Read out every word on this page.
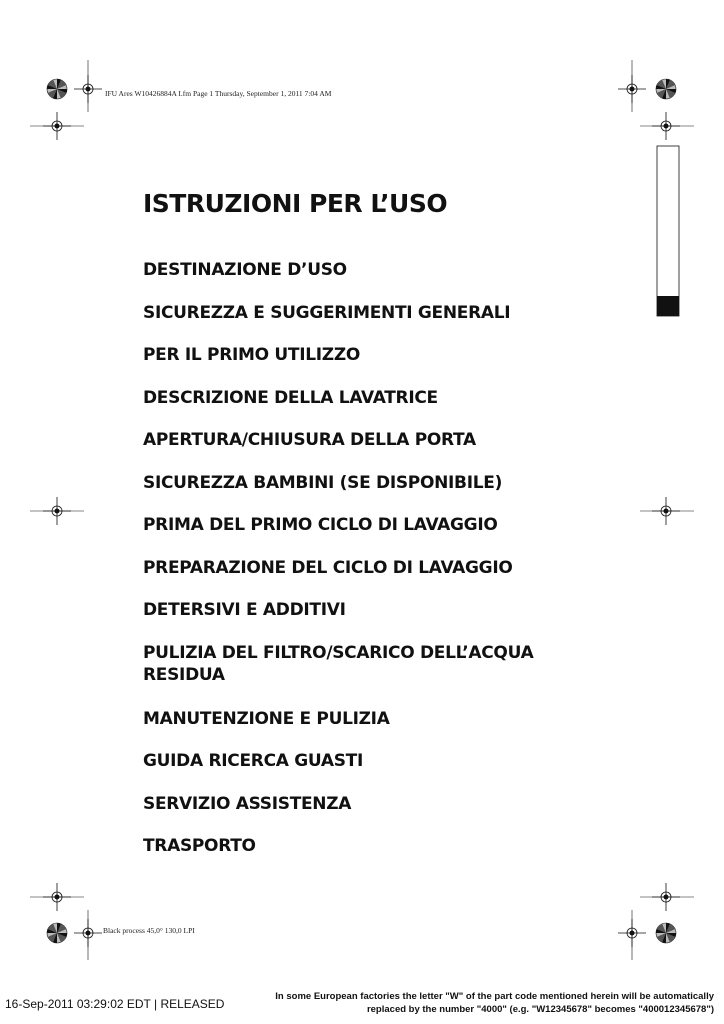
IFU Ares W10426884A I.fm Page 1 Thursday, September 1, 2011 7:04 AM
ISTRUZIONI PER L’USO
DESTINAZIONE D’USO
SICUREZZA E SUGGERIMENTI GENERALI
PER IL PRIMO UTILIZZO
DESCRIZIONE DELLA LAVATRICE
APERTURA/CHIUSURA DELLA PORTA
SICUREZZA BAMBINI (SE DISPONIBILE)
PRIMA DEL PRIMO CICLO DI LAVAGGIO
PREPARAZIONE DEL CICLO DI LAVAGGIO
DETERSIVI E ADDITIVI
PULIZIA DEL FILTRO/SCARICO DELL’ACQUA
RESIDUA
MANUTENZIONE E PULIZIA
GUIDA RICERCA GUASTI
SERVIZIO ASSISTENZA
TRASPORTO
Black process 45,0° 130,0 LPI
16-Sep-2011 03:29:02 EDT | RELEASED
In some European factories the letter "W" of the part code mentioned herein will be automatically replaced by the number "4000" (e.g. "W12345678" becomes "400012345678")
